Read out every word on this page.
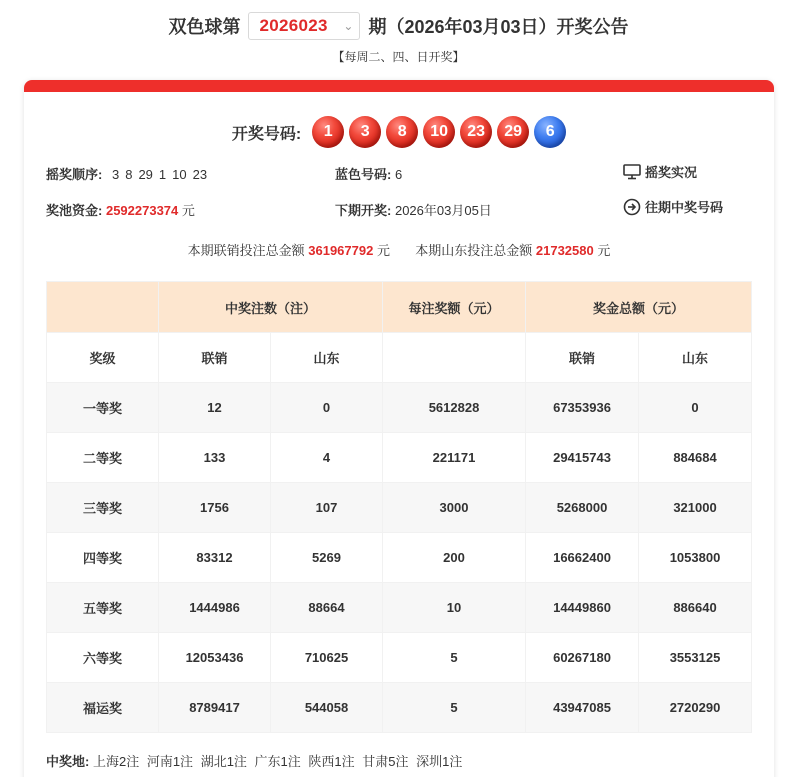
双色球第 2026023 ⌄ 期（2026年03月03日）开奖公告
【每周二、四、日开奖】
开奖号码:	1	3	8	10	23	29	6
摇奖顺序: 3 8 29 1 10 23	蓝色号码: 6	摇奖实况
奖池资金: 2592273374 元	下期开奖: 2026年03月05日	往期中奖号码
本期联销投注总金额 361967792 元 本期山东投注总金额 21732580 元
	中奖注数（注）		每注奖额（元）	奖金总额（元）	
奖级	联销	山东		联销	山东
一等奖	12	0	5612828	67353936	0
二等奖	133	4	221171	29415743	884684
三等奖	1756	107	3000	5268000	321000
四等奖	83312	5269	200	16662400	1053800
五等奖	1444986	88664	10	14449860	886640
六等奖	12053436	710625	5	60267180	3553125
福运奖	8789417	544058	5	43947085	2720290
中奖地: 上海2注 河南1注 湖北1注 广东1注 陕西1注 甘肃5注 深圳1注
